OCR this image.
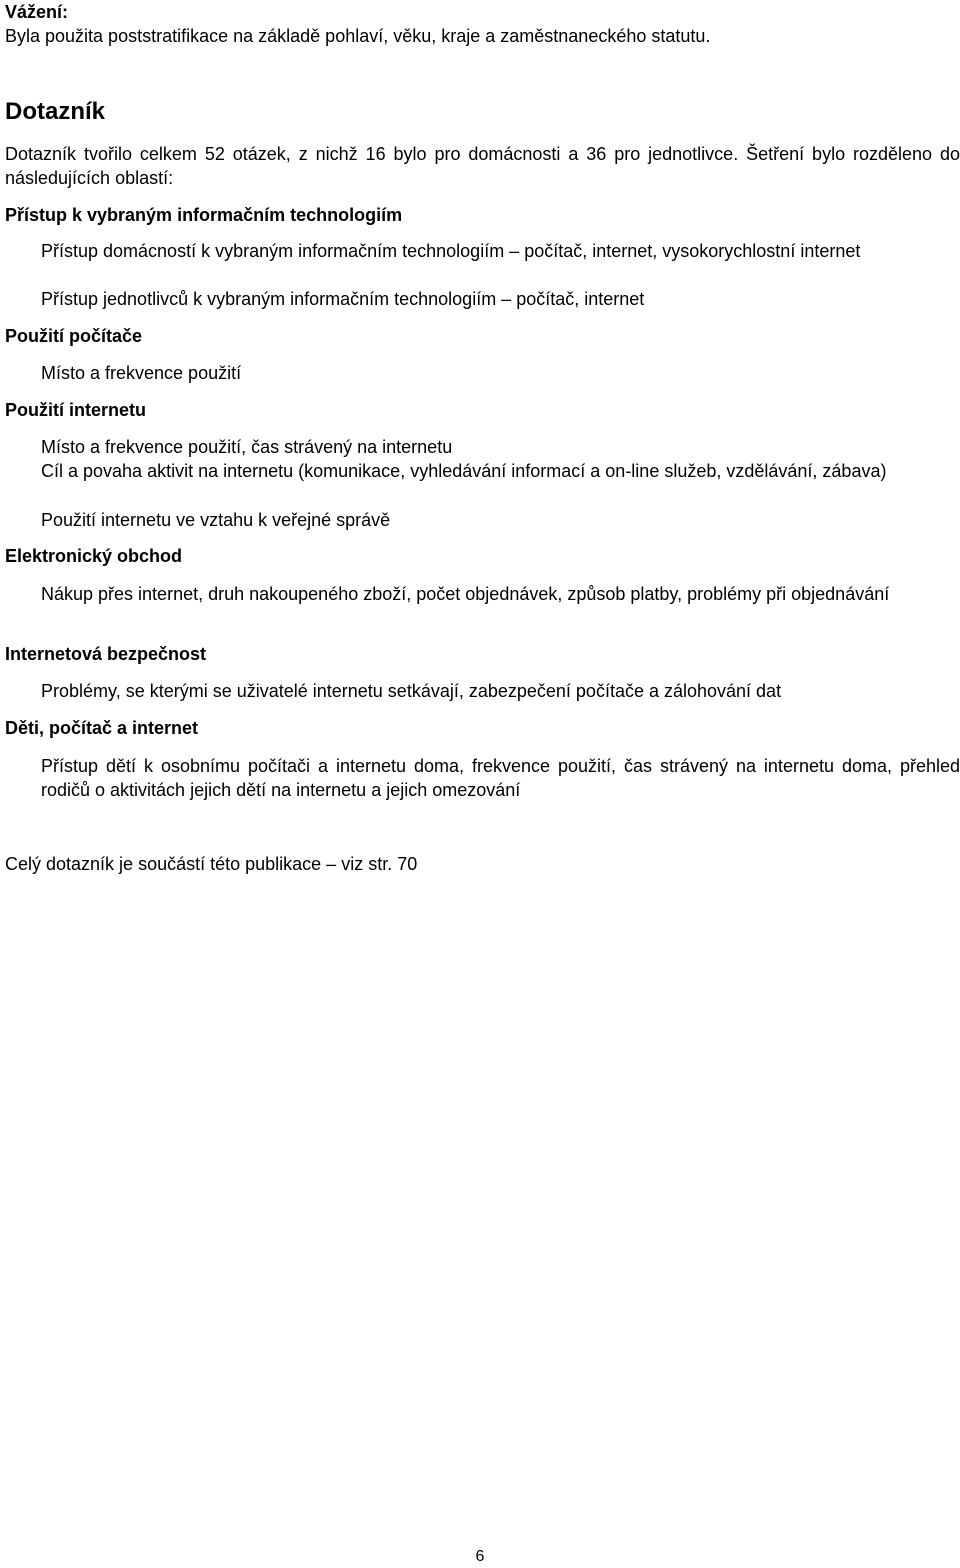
Vážení:

Byla použita poststratifikace na základě pohlaví, věku, kraje a zaměstnaneckého statutu.

Dotazník
Dotazník tvořilo celkem 52 otázek, z nichž 16 bylo pro domácnosti a 36 pro jednotlivce. Šetření bylo rozděleno do následujících oblastí:
Přístup k vybraným informačním technologiím
Přístup domácností k vybraným informačním technologiím – počítač, internet, vysokorychlostní internet
Přístup jednotlivců k vybraným informačním technologiím – počítač, internet
Použití počítače
Místo a frekvence použití
Použití internetu
Místo a frekvence použití, čas strávený na internetu
Cíl a povaha aktivit na internetu (komunikace, vyhledávání informací a on-line služeb, vzdělávání, zábava)
Použití internetu ve vztahu k veřejné správě
Elektronický obchod
Nákup přes internet, druh nakoupeného zboží, počet objednávek, způsob platby, problémy při objednávání
Internetová bezpečnost
Problémy, se kterými se uživatelé internetu setkávají, zabezpečení počítače a zálohování dat
Děti, počítač a internet
Přístup dětí k osobnímu počítači a internetu doma, frekvence použití, čas strávený na internetu doma, přehled rodičů o aktivitách jejich dětí na internetu a jejich omezování
Celý dotazník je součástí této publikace – viz str. 70
6
